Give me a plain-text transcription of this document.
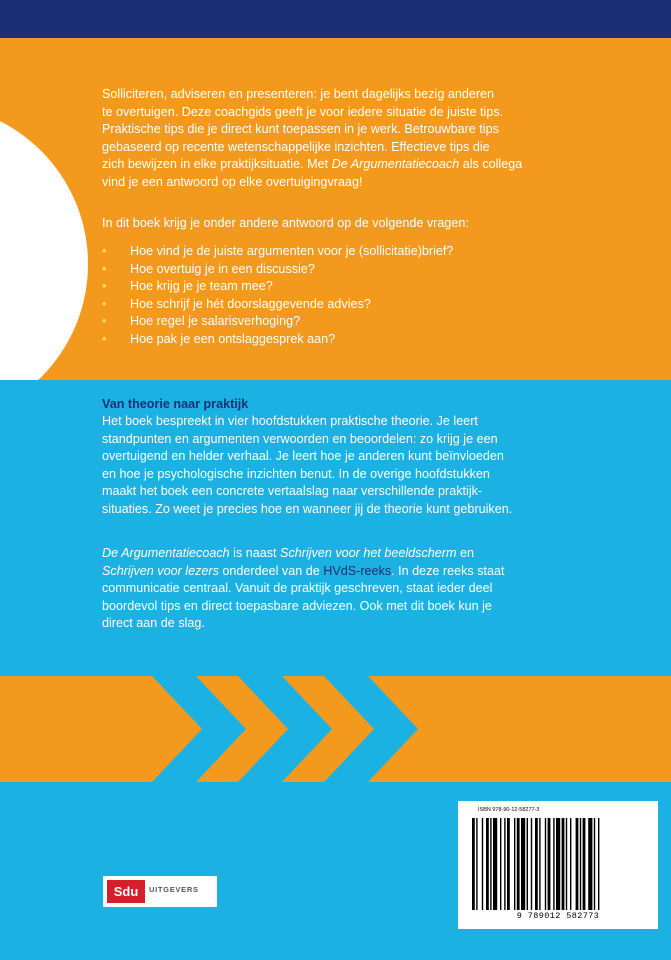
Solliciteren, adviseren en presenteren: je bent dagelijks bezig anderen
te overtuigen. Deze coachgids geeft je voor iedere situatie de juiste tips.
Praktische tips die je direct kunt toepassen in je werk. Betrouwbare tips
gebaseerd op recente wetenschappelijke inzichten. Effectieve tips die
zich bewijzen in elke praktijksituatie. Met De Argumentatiecoach als collega
vind je een antwoord op elke overtuigingvraag!
In dit boek krijg je onder andere antwoord op de volgende vragen:
• Hoe vind je de juiste argumenten voor je (sollicitatie)brief?
• Hoe overtuig je in een discussie?
• Hoe krijg je je team mee?
• Hoe schrijf je hét doorslaggevende advies?
• Hoe regel je salarisverhoging?
• Hoe pak je een ontslaggesprek aan?
Van theorie naar praktijk
Het boek bespreekt in vier hoofdstukken praktische theorie. Je leert
standpunten en argumenten verwoorden en beoordelen: zo krijg je een
overtuigend en helder verhaal. Je leert hoe je anderen kunt beïnvloeden
en hoe je psychologische inzichten benut. In de overige hoofdstukken
maakt het boek een concrete vertaalslag naar verschillende praktijk-
situaties. Zo weet je precies hoe en wanneer jij de theorie kunt gebruiken.
De Argumentatiecoach is naast Schrijven voor het beeldscherm en
Schrijven voor lezers onderdeel van de HVdS-reeks. In deze reeks staat
communicatie centraal. Vanuit de praktijk geschreven, staat ieder deel
boordevol tips en direct toepasbare adviezen. Ook met dit boek kun je
direct aan de slag.
ISBN 978-90-12-58277-3
9 789012 582773
Sdu	UITGEVERS
